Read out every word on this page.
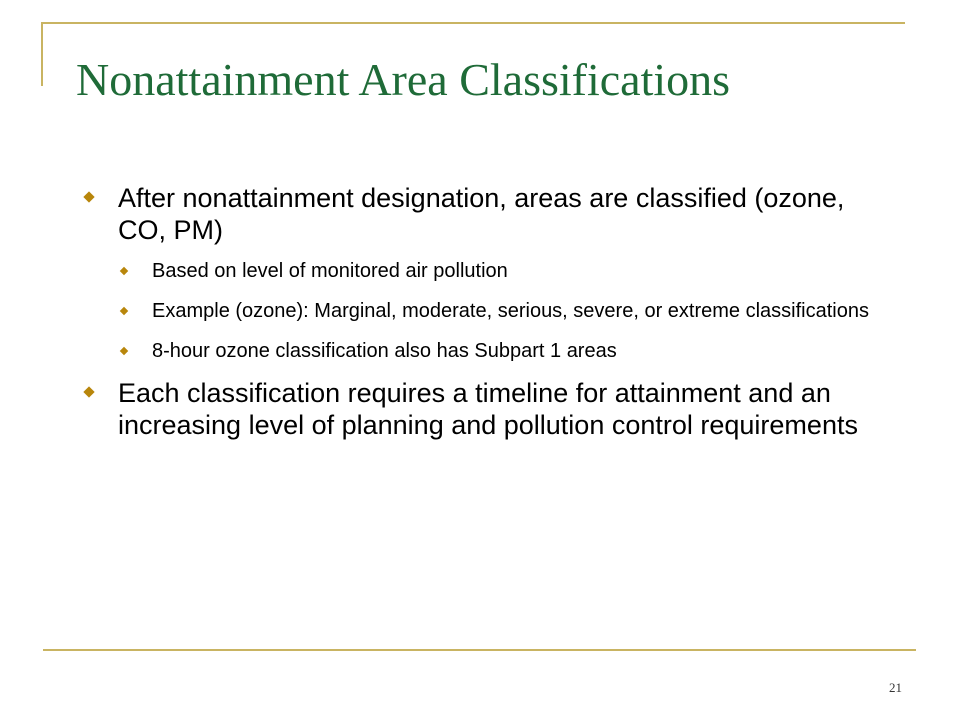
Nonattainment Area Classifications
After nonattainment designation, areas are classified (ozone, CO, PM)
Based on level of monitored air pollution
Example (ozone): Marginal, moderate, serious, severe, or extreme classifications
8-hour ozone classification also has Subpart 1 areas
Each classification requires a timeline for attainment and an increasing level of planning and pollution control requirements
21
